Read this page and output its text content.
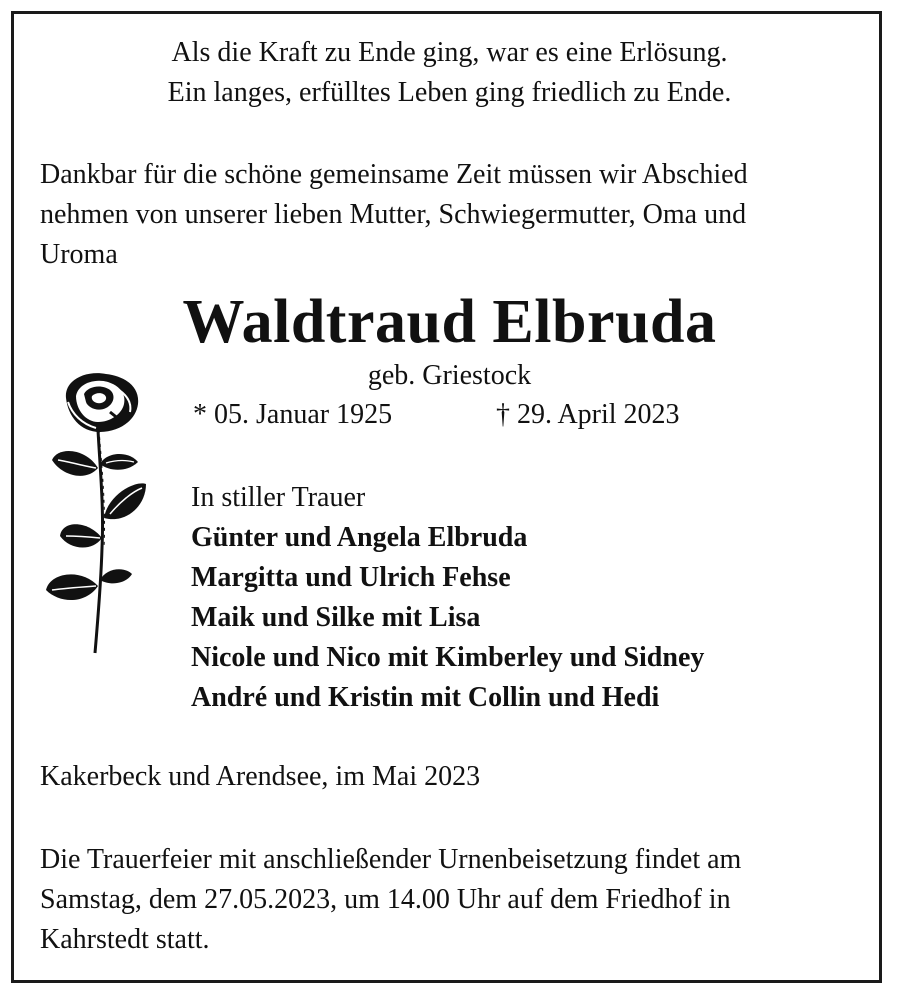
Als die Kraft zu Ende ging, war es eine Erlösung.
Ein langes, erfülltes Leben ging friedlich zu Ende.
Dankbar für die schöne gemeinsame Zeit müssen wir Abschied
nehmen von unserer lieben Mutter, Schwiegermutter, Oma und
Uroma
Waldtraud Elbruda
geb. Griestock
* 05. Januar 1925	† 29. April 2023
In stiller Trauer
Günter und Angela Elbruda
Margitta und Ulrich Fehse
Maik und Silke mit Lisa
Nicole und Nico mit Kimberley und Sidney
André und Kristin mit Collin und Hedi
Kakerbeck und Arendsee, im Mai 2023
Die Trauerfeier mit anschließender Urnenbeisetzung findet am
Samstag, dem 27.05.2023, um 14.00 Uhr auf dem Friedhof in
Kahrstedt statt.
